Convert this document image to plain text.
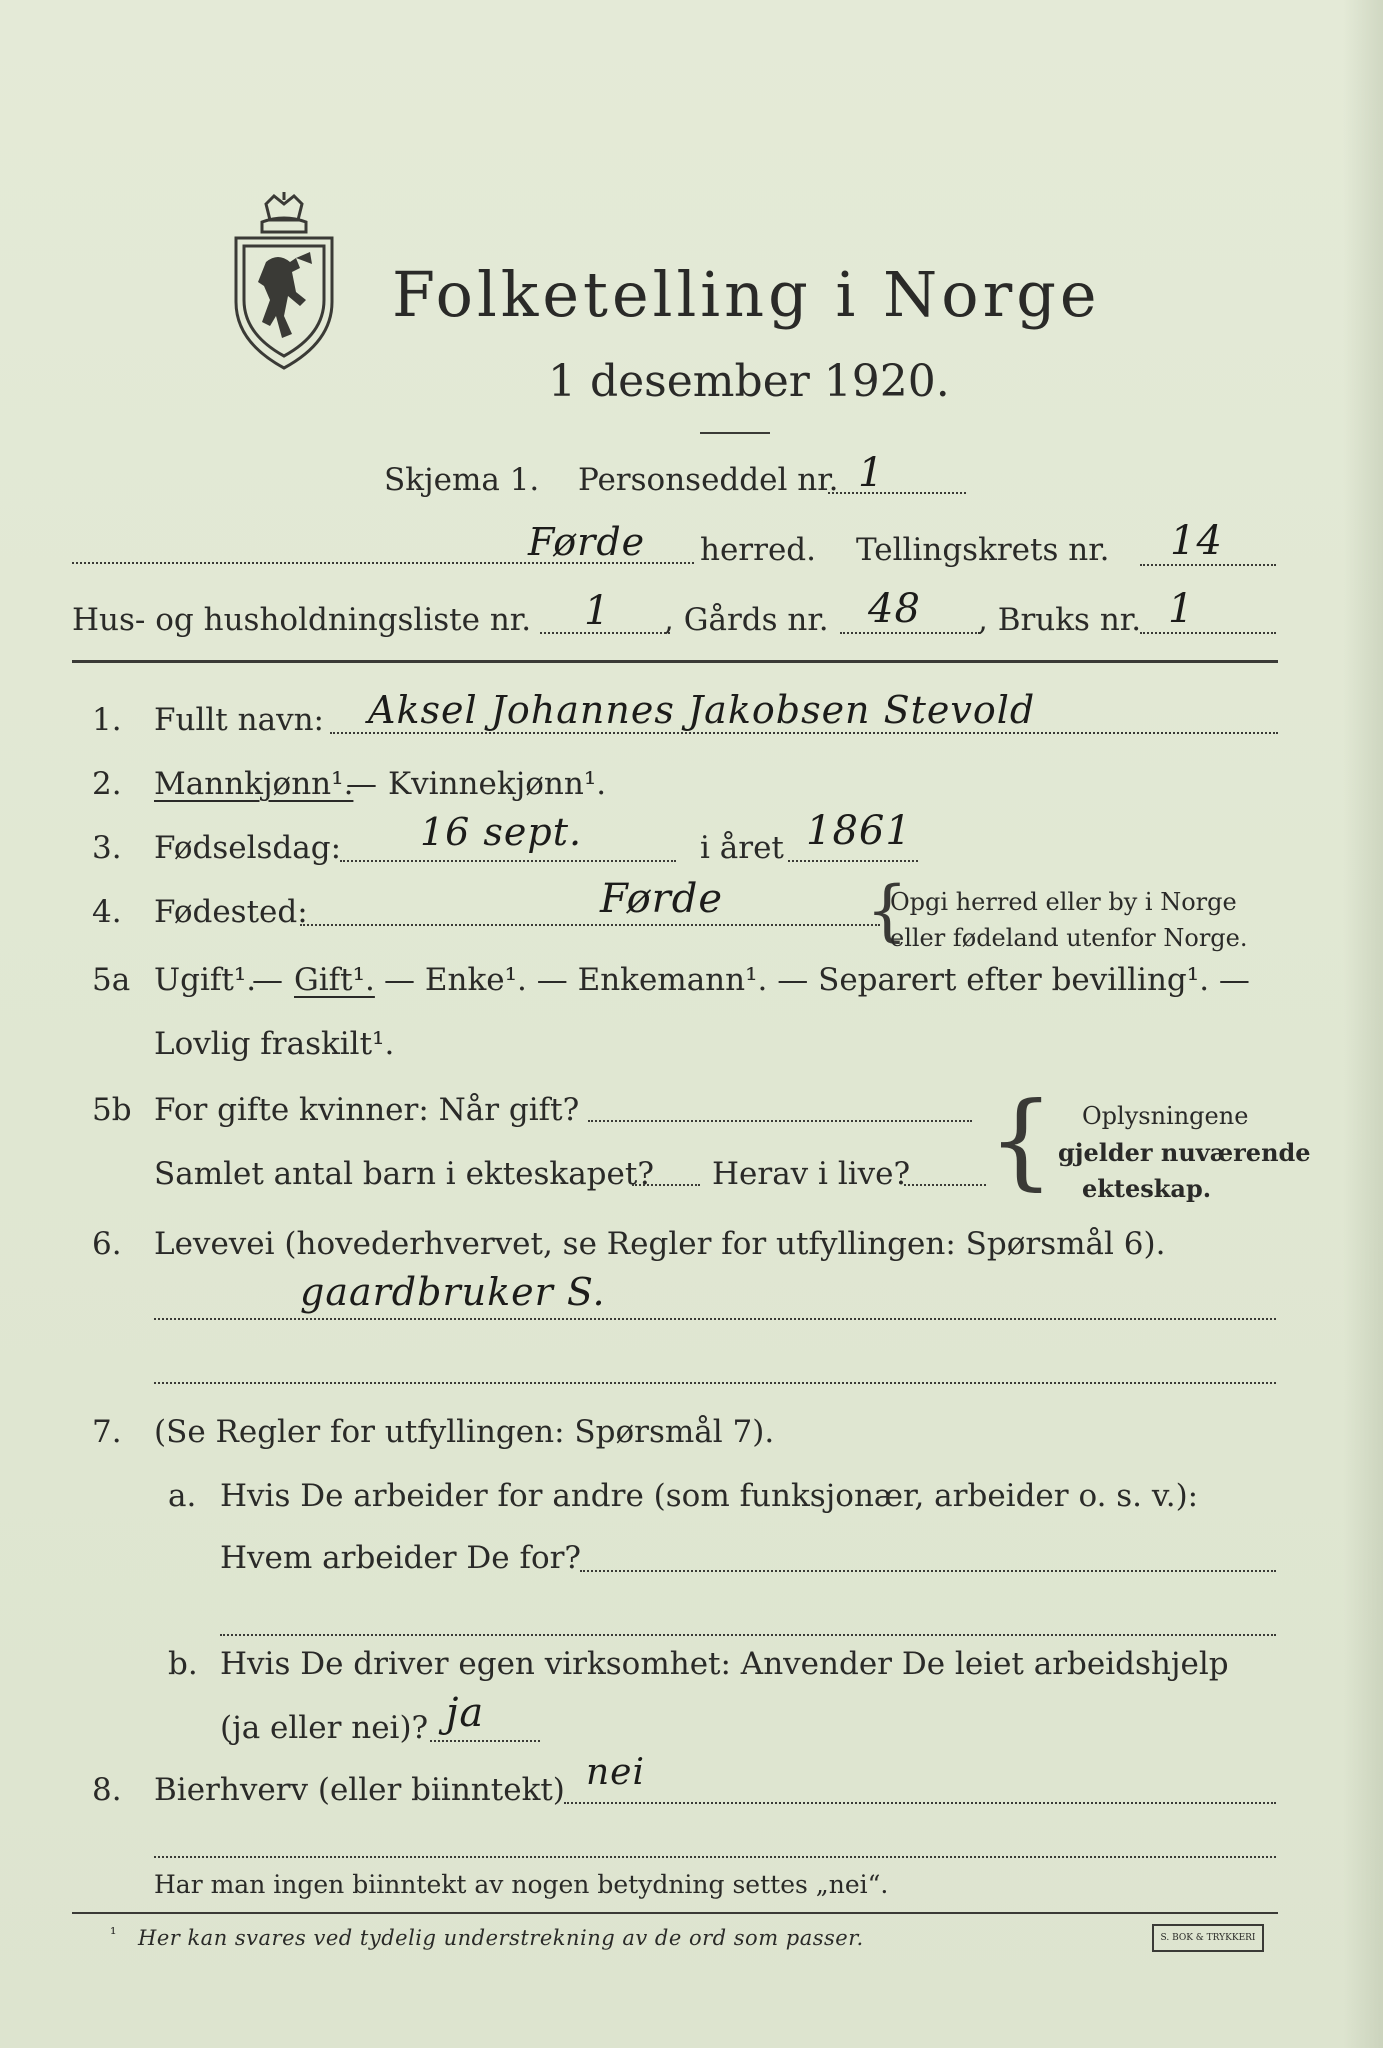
Folketelling i Norge
1 desember 1920.
Skjema 1. Personseddel nr. 1
Førde herred. Tellingskrets nr. 14
Hus- og husholdningsliste nr. 1 , Gårds nr. 48 , Bruks nr. 1
1. Fullt navn: Aksel Johannes Jakobsen Stevold
2. Mannkjønn¹.
— Kvinnekjønn¹.
3. Fødselsdag: 16 sept.	i året 1861
4. Fødested:	Førde {
Opgi herred eller by i Norge
eller fødeland utenfor Norge.
5a Ugift¹.
— Gift¹. — Enke¹. — Enkemann¹. — Separert efter bevilling¹. —
Lovlig fraskilt¹.
5b For gifte kvinner: Når gift?
Samlet antal barn i ekteskapet? Herav i live? { Oplysningene
gjelder nuværende
ekteskap.
6. Levevei (hovederhvervet, se Regler for utfyllingen: Spørsmål 6).
gaardbruker S.
7. (Se Regler for utfyllingen: Spørsmål 7).
a. Hvis De arbeider for andre (som funksjonær, arbeider o. s. v.):
Hvem arbeider De for?
b. Hvis De driver egen virksomhet: Anvender De leiet arbeidshjelp
(ja eller nei)? ja
8. Bierhverv (eller biinntekt) nei
Har man ingen biinntekt av nogen betydning settes „nei“.
¹ Her kan svares ved tydelig understrekning av de ord som passer.	S. BOK & TRYKKERI
